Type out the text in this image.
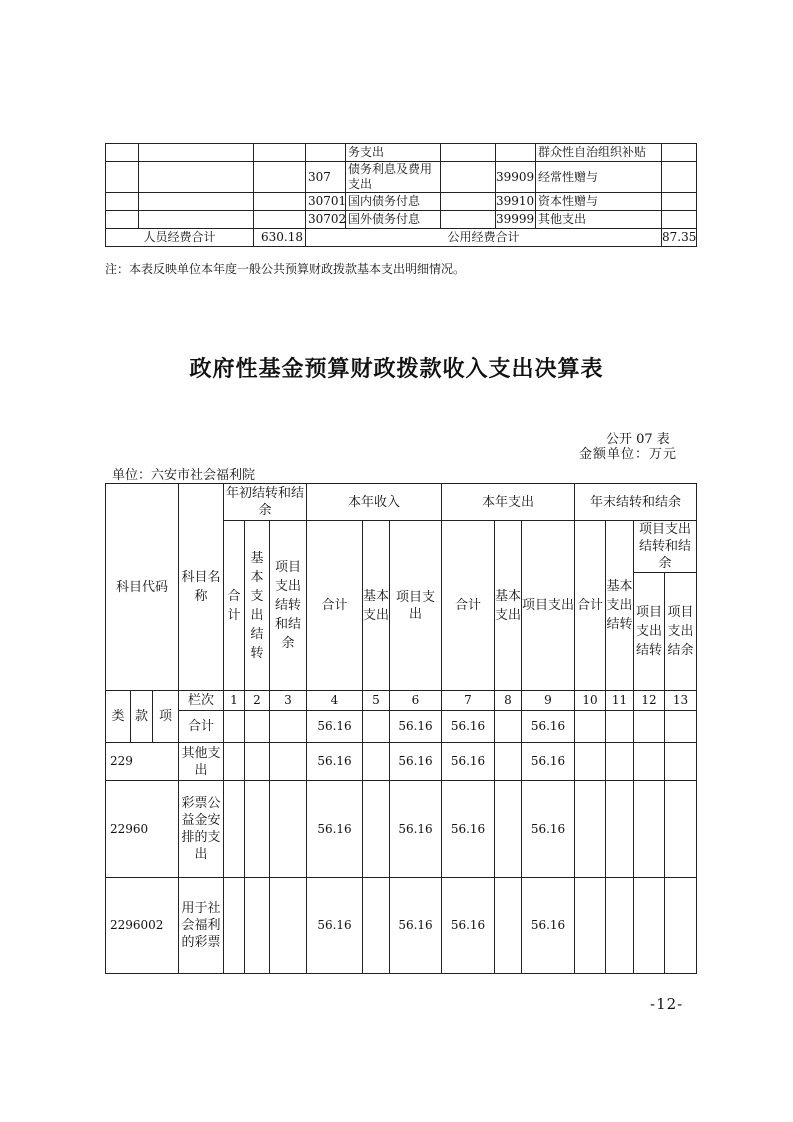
				务支出			群众性自治组织补贴	
			307	债务利息及费用支出		39909	经常性赠与	
			30701	国内债务付息		39910	资本性赠与	
			30702	国外债务付息		39999	其他支出	
人员经费合计		630.18	公用经费合计					87.35
注：本表反映单位本年度一般公共预算财政拨款基本支出明细情况。
政府性基金预算财政拨款收入支出决算表
公开 07 表
金额单位：万元
单位：六安市社会福利院
科目代码			科目名称	年初结转和结余			本年收入			本年支出			年末结转和结余			
				合计	基本支出结转	项目支出结转和结余	合计	基本支出	项目支出	合计	基本支出	项目支出	合计	基本支出结转	项目支出结转和结余	
															项目支出结转	项目支出结余
类	款	项	栏次	1	2	3	4	5	6	7	8	9	10	11	12	13
			合计				56.16		56.16	56.16		56.16				
229			其他支出				56.16		56.16	56.16		56.16				
22960			彩票公益金安排的支出				56.16		56.16	56.16		56.16				
2296002			用于社会福利的彩票				56.16		56.16	56.16		56.16				
-12-
